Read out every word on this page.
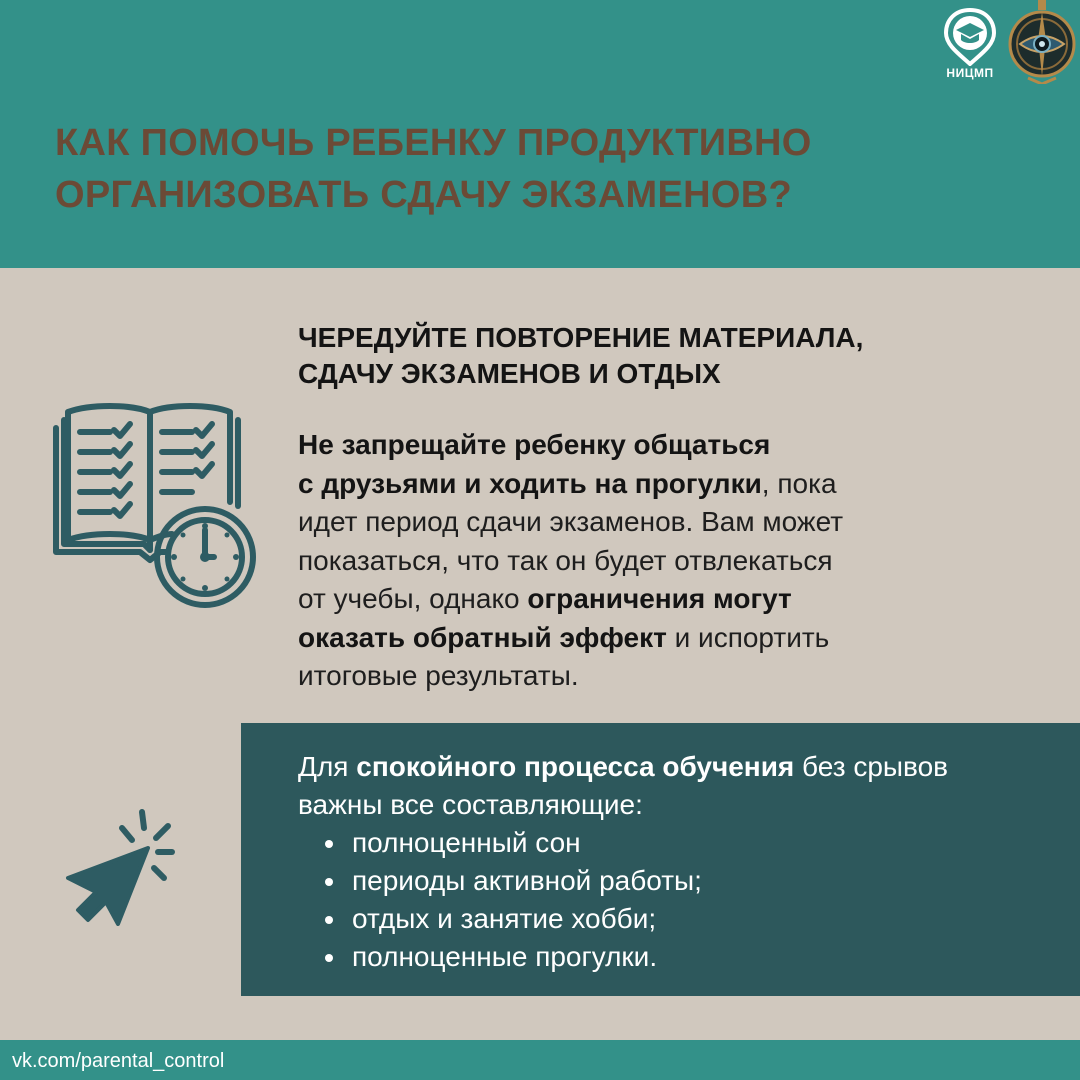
КАК ПОМОЧЬ РЕБЕНКУ ПРОДУКТИВНО
ОРГАНИЗОВАТЬ СДАЧУ ЭКЗАМЕНОВ?
НИЦМП
ЧЕРЕДУЙТЕ ПОВТОРЕНИЕ МАТЕРИАЛА,
СДАЧУ ЭКЗАМЕНОВ И ОТДЫХ
Не запрещайте ребенку общаться
с друзьями и ходить на прогулки, пока
идет период сдачи экзаменов. Вам может
показаться, что так он будет отвлекаться
от учебы, однако ограничения могут
оказать обратный эффект и испортить
итоговые результаты.
Для спокойного процесса обучения без срывов
важны все составляющие:
полноценный сон
периоды активной работы;
отдых и занятие хобби;
полноценные прогулки.
vk.com/parental_control
